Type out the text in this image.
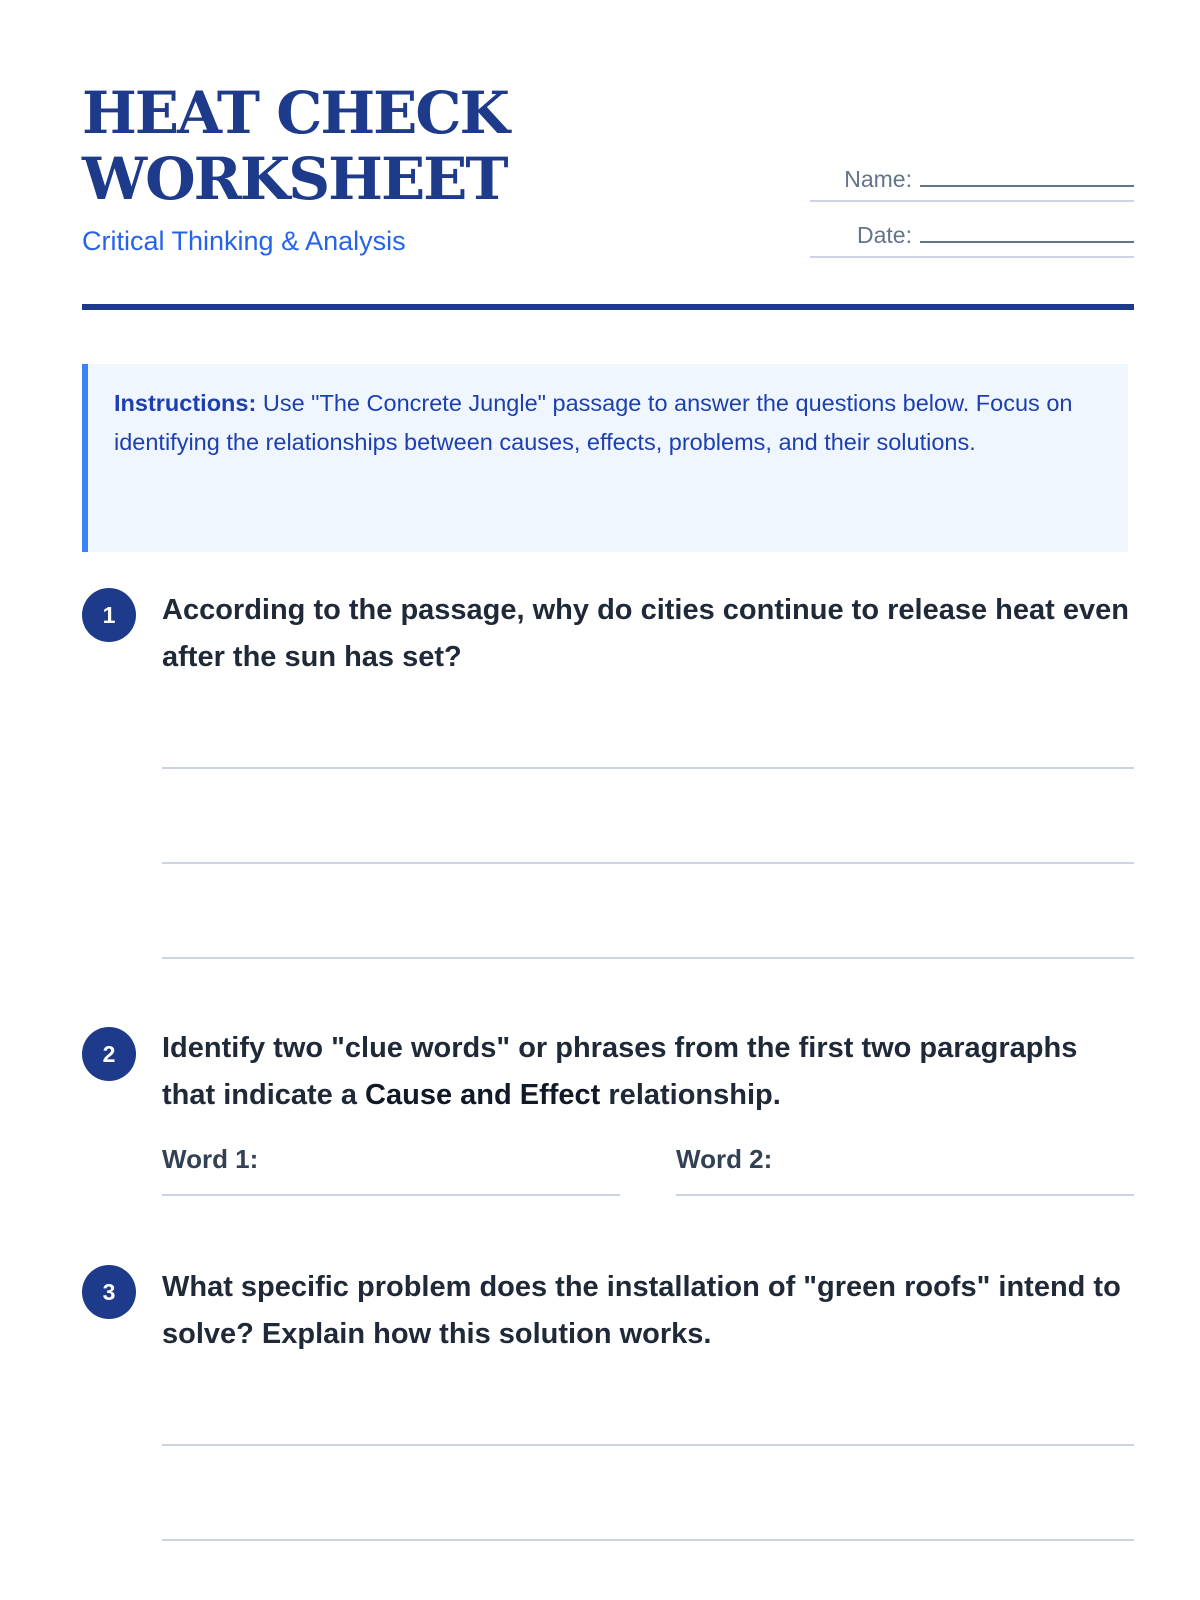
HEAT CHECK
WORKSHEET
Critical Thinking & Analysis
Name:
Date:
Instructions: Use "The Concrete Jungle" passage to answer the questions below. Focus on identifying the relationships between causes, effects, problems, and their solutions.
1	According to the passage, why do cities continue to release heat even after the sun has set?

2	Identify two "clue words" or phrases from the first two paragraphs that indicate a Cause and Effect relationship.

Word 1:	Word 2:
3	What specific problem does the installation of "green roofs" intend to solve? Explain how this solution works.
